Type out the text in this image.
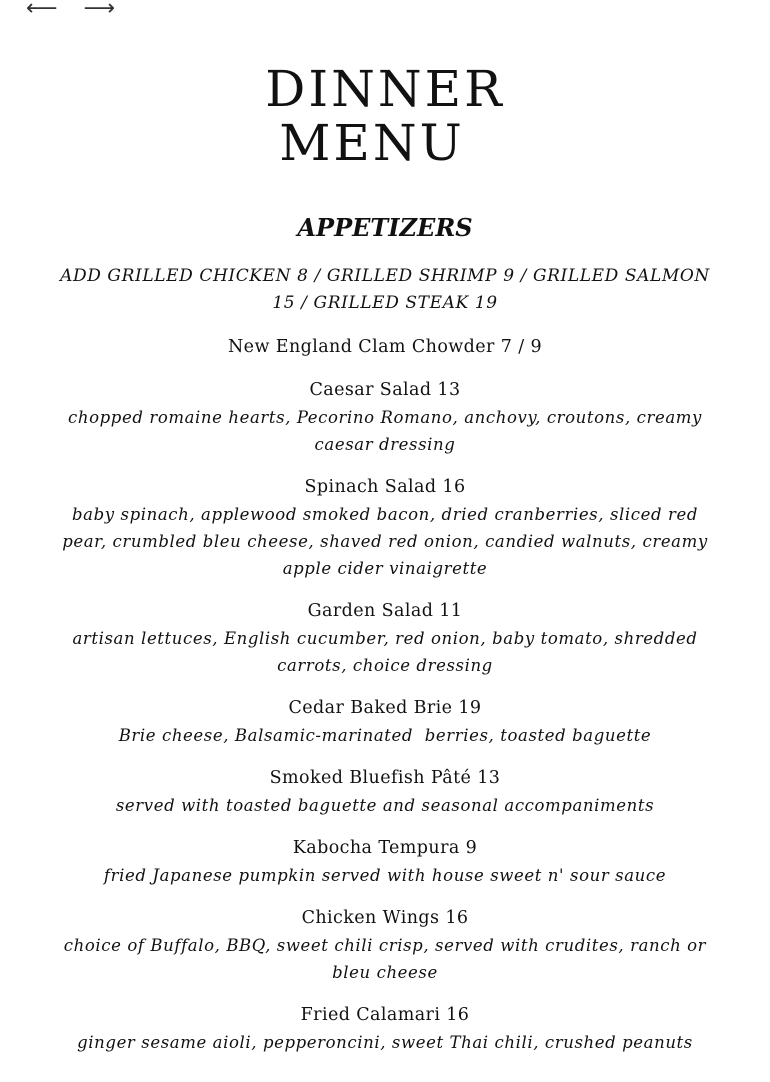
⟵ ⟶
DINNER
MENU
APPETIZERS

ADD GRILLED CHICKEN 8 / GRILLED SHRIMP 9 / GRILLED SALMON 15 / GRILLED STEAK 19

New England Clam Chowder 7 / 9
Caesar Salad 13
chopped romaine hearts, Pecorino Romano, anchovy, croutons, creamy caesar dressing
Spinach Salad 16
baby spinach, applewood smoked bacon, dried cranberries, sliced red pear, crumbled bleu cheese, shaved red onion, candied walnuts, creamy apple cider vinaigrette
Garden Salad 11
artisan lettuces, English cucumber, red onion, baby tomato, shredded carrots, choice dressing
Cedar Baked Brie 19
Brie cheese, Balsamic-marinated  berries, toasted baguette
Smoked Bluefish Pâté 13
served with toasted baguette and seasonal accompaniments
Kabocha Tempura 9
fried Japanese pumpkin served with house sweet n' sour sauce
Chicken Wings 16
choice of Buffalo, BBQ, sweet chili crisp, served with crudites, ranch or bleu cheese
Fried Calamari 16
ginger sesame aioli, pepperoncini, sweet Thai chili, crushed peanuts
